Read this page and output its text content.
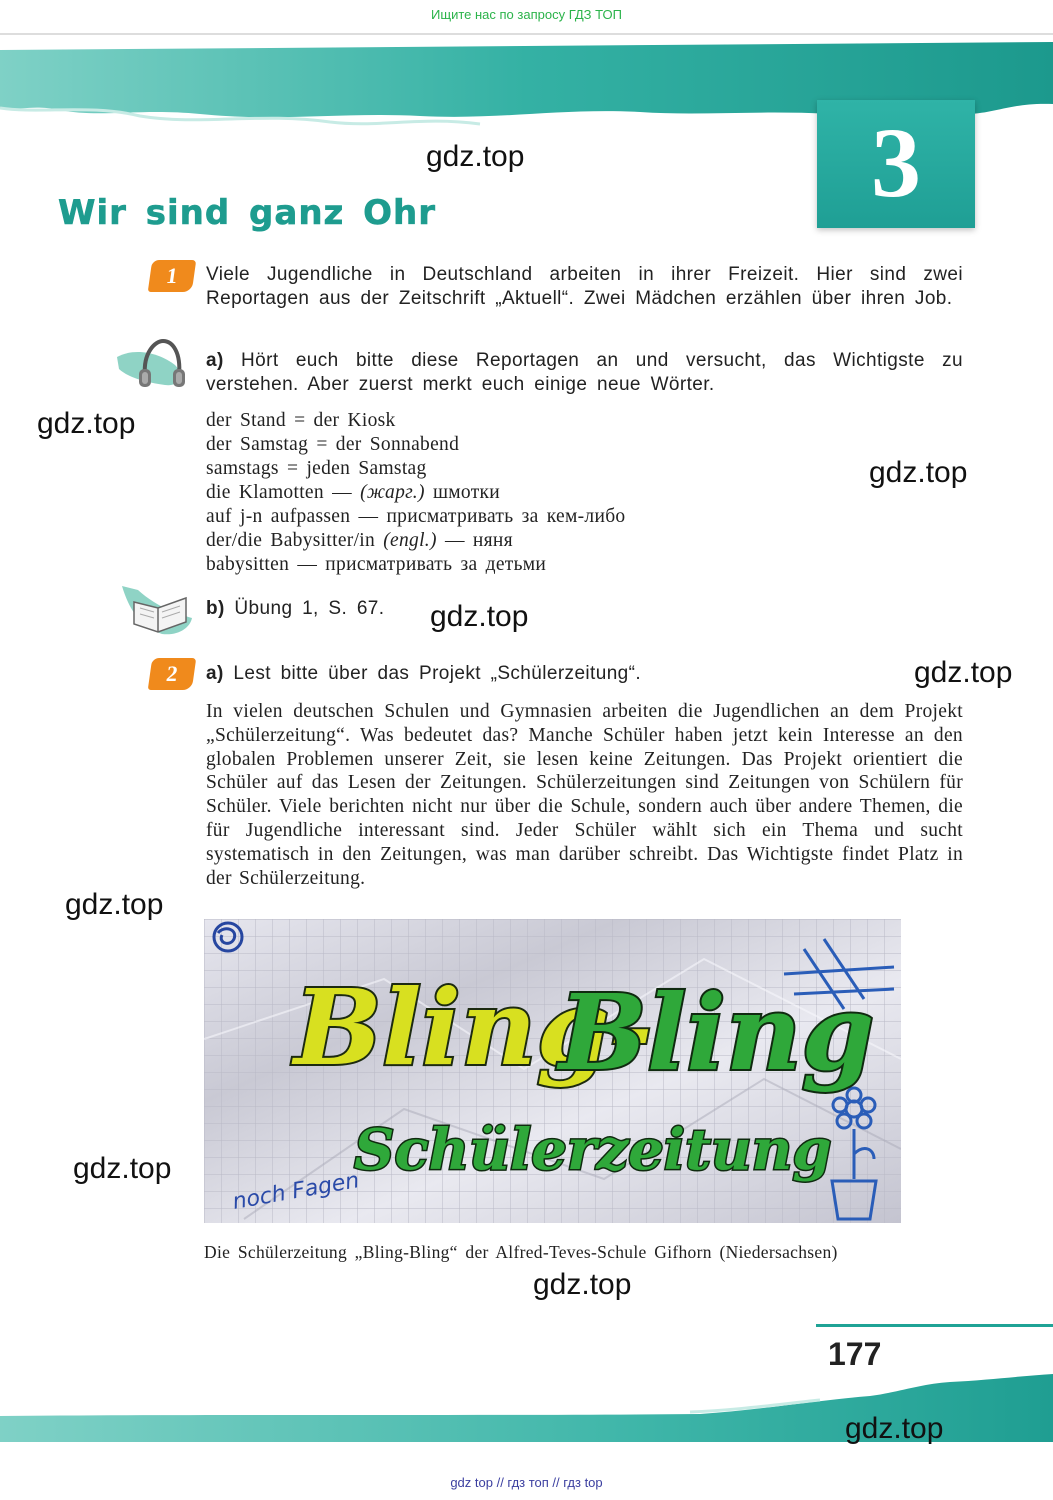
Ищите нас по запросу ГДЗ ТОП
3
gdz.top
Wir sind ganz Ohr
1	Viele Jugendliche in Deutschland arbeiten in ihrer Freizeit. Hier sind zwei Reportagen aus der Zeitschrift „Aktuell“. Zwei Mädchen erzählen über ihren Job.
a) Hört euch bitte diese Reportagen an und versucht, das Wichtigste zu verstehen. Aber zuerst merkt euch einige neue Wörter.
gdz.top	der Stand = der Kiosk
der Samstag = der Sonnabend
samstags = jeden Samstag
die Klamotten — (жарг.) шмотки
auf j-n aufpassen — присматривать за кем-либо
der/die Babysitter/in (engl.) — няня
babysitten — присматривать за детьми
gdz.top
b) Übung 1, S. 67. gdz.top
2	a) Lest bitte über das Projekt „Schülerzeitung“.	gdz.top
In vielen deutschen Schulen und Gymnasien arbeiten die Jugendlichen an dem Projekt „Schülerzeitung“. Was bedeutet das? Manche Schüler haben jetzt kein Interesse an den globalen Problemen unserer Zeit, sie lesen keine Zeitungen. Das Projekt orientiert die Schüler auf das Lesen der Zeitungen. Schülerzeitungen sind Zeitungen von Schülern für Schüler. Viele berichten nicht nur über die Schule, sondern auch über andere Themen, die für Jugendliche interessant sind. Jeder Schüler wählt sich ein Thema und sucht systematisch in den Zeitungen, was man darüber schreibt. Das Wichtigste findet Platz in der Schülerzeitung.
gdz.top
Bling-
Bling
Schülerzeitung
noch Fagen
gdz.top
Die Schülerzeitung „Bling-Bling“ der Alfred-Teves-Schule Gifhorn (Niedersachsen)
gdz.top
177
gdz.top
gdz top // гдз топ // гдз top
